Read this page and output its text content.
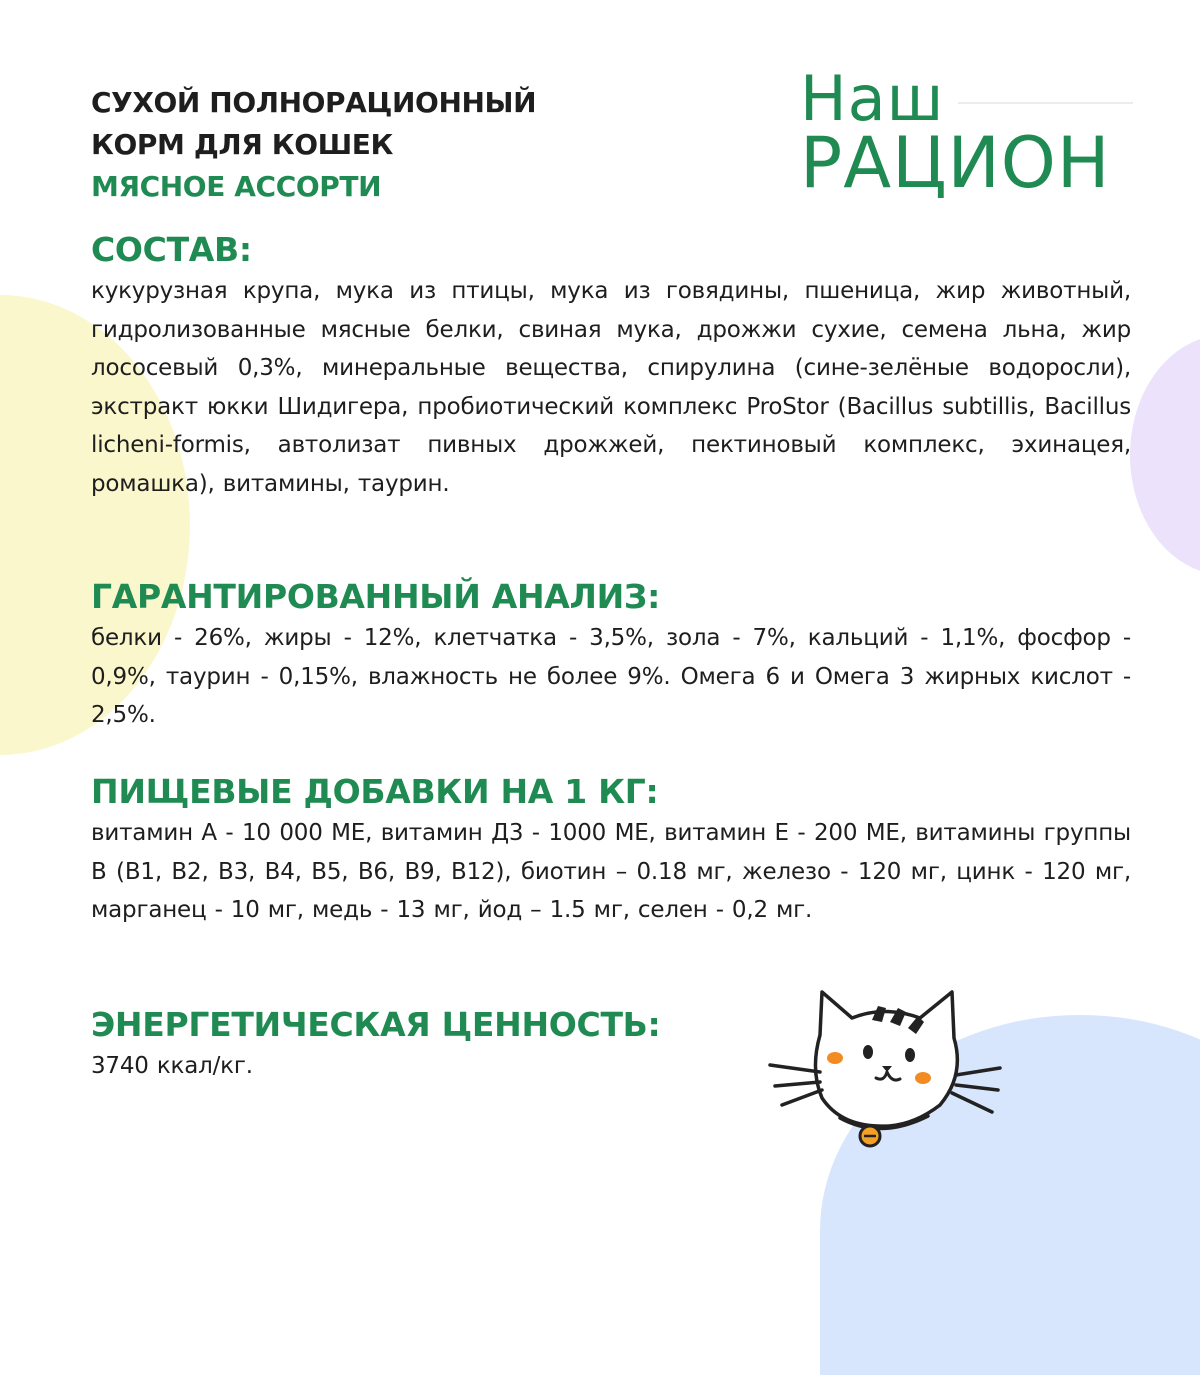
СУХОЙ ПОЛНОРАЦИОННЫЙ
КОРМ ДЛЯ КОШЕК
МЯСНОЕ АССОРТИ
Наш
РАЦИОН
СОСТАВ:
кукурузная крупа, мука из птицы, мука из говядины, пшеница, жир животный, гидролизованные мясные белки, свиная мука, дрожжи сухие, семена льна, жир лососевый 0,3%, минеральные вещества, спирулина (сине-зелёные водоросли), экстракт юкки Шидигера, пробиотический комплекс ProStor (Bacillus subtillis, Bacillus licheni-formis, автолизат пивных дрожжей, пектиновый комплекс, эхинацея, ромашка), витамины, таурин.
ГАРАНТИРОВАННЫЙ АНАЛИЗ:
белки - 26%, жиры - 12%, клетчатка - 3,5%, зола - 7%, кальций - 1,1%, фосфор - 0,9%, таурин - 0,15%, влажность не более 9%. Омега 6 и Омега 3 жирных кислот - 2,5%.
ПИЩЕВЫЕ ДОБАВКИ НА 1 КГ:
витамин А - 10 000 МЕ, витамин Д3 - 1000 МЕ, витамин Е - 200 МЕ, витамины группы В (В1, В2, В3, В4, В5, В6, В9, В12), биотин – 0.18 мг, железо - 120 мг, цинк - 120 мг, марганец - 10 мг, медь - 13 мг, йод – 1.5 мг, селен - 0,2 мг.
ЭНЕРГЕТИЧЕСКАЯ ЦЕННОСТЬ:
3740 ккал/кг.
